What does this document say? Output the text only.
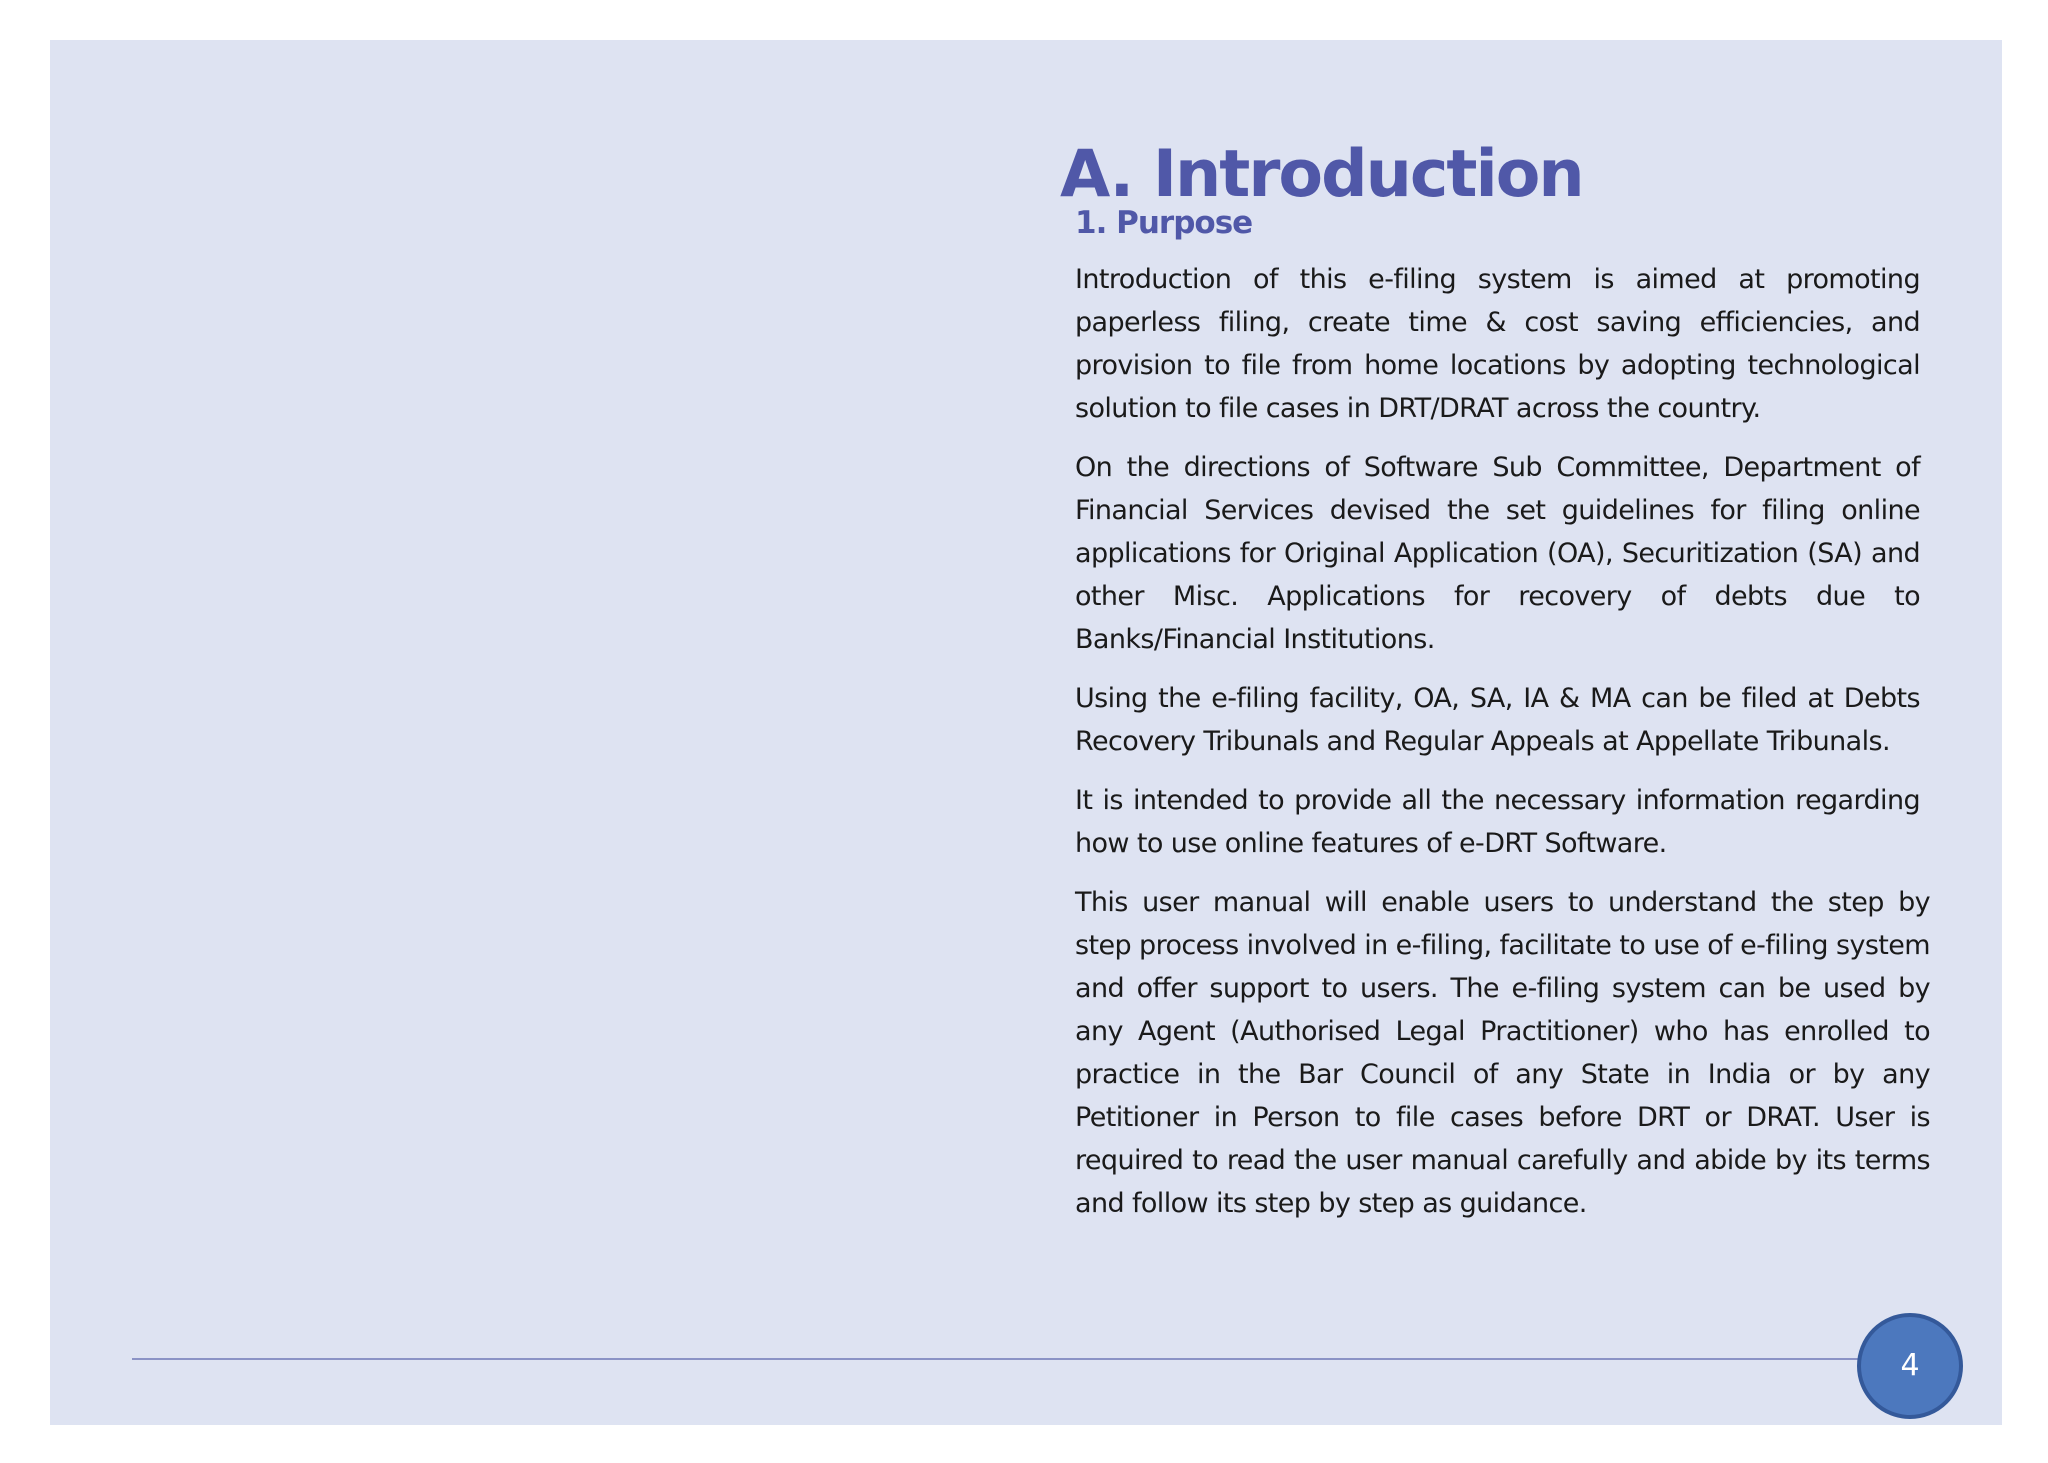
A. Introduction
1. Purpose

Introduction of this e-filing system is aimed at promoting paperless filing, create time & cost saving efficiencies, and provision to file from home locations by adopting technological solution to file cases in DRT/DRAT across the country.

On the directions of Software Sub Committee, Department of Financial Services devised the set guidelines for filing online applications for Original Application (OA), Securitization (SA) and other Misc. Applications for recovery of debts due to Banks/Financial Institutions.

Using the e-filing facility, OA, SA, IA & MA can be filed at Debts Recovery Tribunals and Regular Appeals at Appellate Tribunals.

It is intended to provide all the necessary information regarding how to use online features of e-DRT Software.

This user manual will enable users to understand the step by step process involved in e-filing, facilitate to use of e-filing system and offer support to users. The e-filing system can be used by any Agent (Authorised Legal Practitioner) who has enrolled to practice in the Bar Council of any State in India or by any Petitioner in Person to file cases before DRT or DRAT. User is required to read the user manual carefully and abide by its terms and follow its step by step as guidance.

4
